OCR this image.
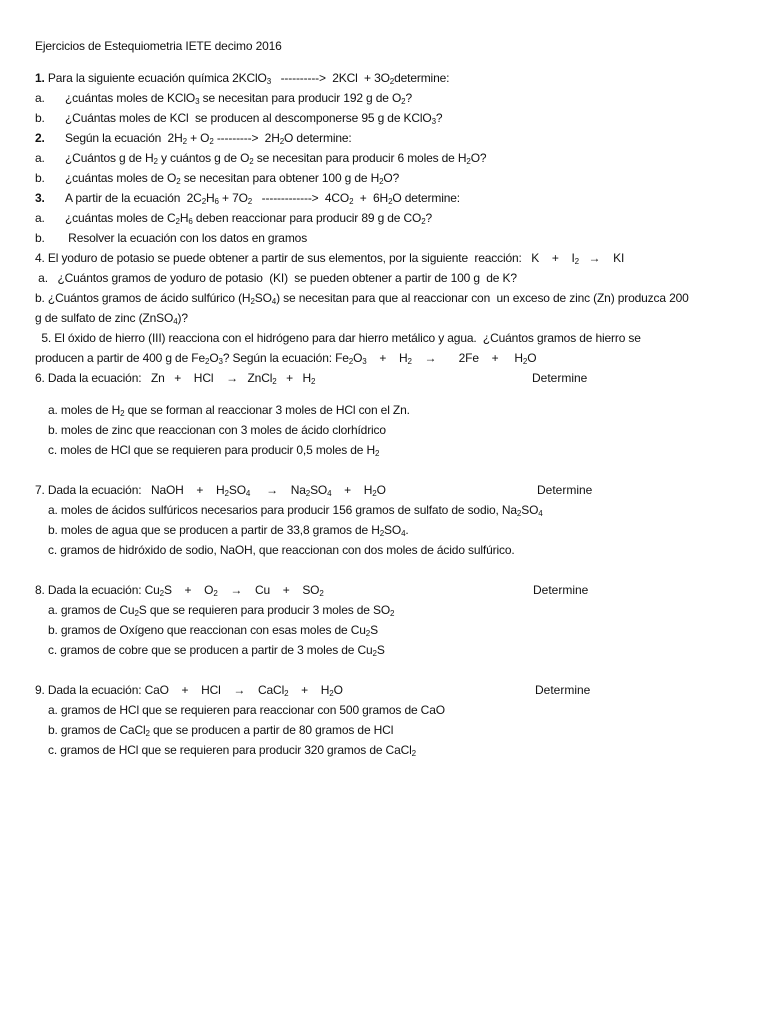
Ejercicios de Estequiometria IETE decimo 2016
1. Para la siguiente ecuación química 2KClO$_3$   ---------->  $2KCl + 3O_2determine$:
a. ¿cuántas moles de KClO$_3$ se necesitan para producir 192 g de $O_2$?
b. ¿Cuántas moles de KCl  se producen al descomponerse 95 g de KClO$_3$?
2. Según la ecuación  $2H_2 + O_2$ --------->  $2H_2O$ determine:
a. ¿Cuántos g de $H_2$ y cuántos g de $O_2$ se necesitan para producir 6 moles de $H_2O$?
b. ¿cuántas moles de $O_2$ se necesitan para obtener 100 g de $H_2O$?
3. A partir de la ecuación  $2C_2H_6 + 7O_2$   ------------->  $4CO_2 + 6H_2O$ determine:
a. ¿cuántas moles de $C_2H_6$ deben reaccionar para producir 89 g de $CO_2$?
b. Resolver la ecuación con los datos en gramos
4. El yoduro de potasio se puede obtener a partir de sus elementos, por la siguiente  reacción:   K    +    $I_2$   →    KI
a.   ¿Cuántos gramos de yoduro de potasio  (KI)  se pueden obtener a partir de 100 g  de K?
b. ¿Cuántos gramos de ácido sulfúrico $(H_2SO_4)$ se necesitan para que al reaccionar con  un exceso de zinc (Zn) produzca 200
g de sulfato de zinc (ZnSO$_4$)?
5. El óxido de hierro (III) reacciona con el hidrógeno para dar hierro metálico y agua.  ¿Cuántos gramos de hierro se
producen a partir de 400 g de $Fe_2O_3$? Según la ecuación: $Fe_2O_3$    +    $H_2$    →       2Fe    +     $H_2O$
6. Dada la ecuación:   Zn   +    HCl    →   ZnCl$_2$   +   $H_2$	Determine
a. moles de $H_2$ que se forman al reaccionar 3 moles de HCl con el Zn.
b. moles de zinc que reaccionan con 3 moles de ácido clorhídrico
c. moles de HCl que se requieren para producir 0,5 moles de $H_2$
7. Dada la ecuación:   NaOH    +    $H_2SO_4$     →    $Na_2SO_4$    +    $H_2O$	Determine
a. moles de ácidos sulfúricos necesarios para producir 156 gramos de sulfato de sodio, $Na_2SO_4$
b. moles de agua que se producen a partir de 33,8 gramos de $H_2SO_4$.
c. gramos de hidróxido de sodio, NaOH, que reaccionan con dos moles de ácido sulfúrico.
8. Dada la ecuación: $Cu_2S$    +    $O_2$    →    Cu    +    $SO_2$	Determine
a. gramos de $Cu_2S$ que se requieren para producir 3 moles de $SO_2$
b. gramos de Oxígeno que reaccionan con esas moles de $Cu_2S$
c. gramos de cobre que se producen a partir de 3 moles de $Cu_2S$
9. Dada la ecuación: CaO    +    HCl    →    CaCl$_2$    +    $H_2O$	Determine
a. gramos de HCl que se requieren para reaccionar con 500 gramos de CaO
b. gramos de CaCl$_2$ que se producen a partir de 80 gramos de HCl
c. gramos de HCl que se requieren para producir 320 gramos de CaCl$_2$
